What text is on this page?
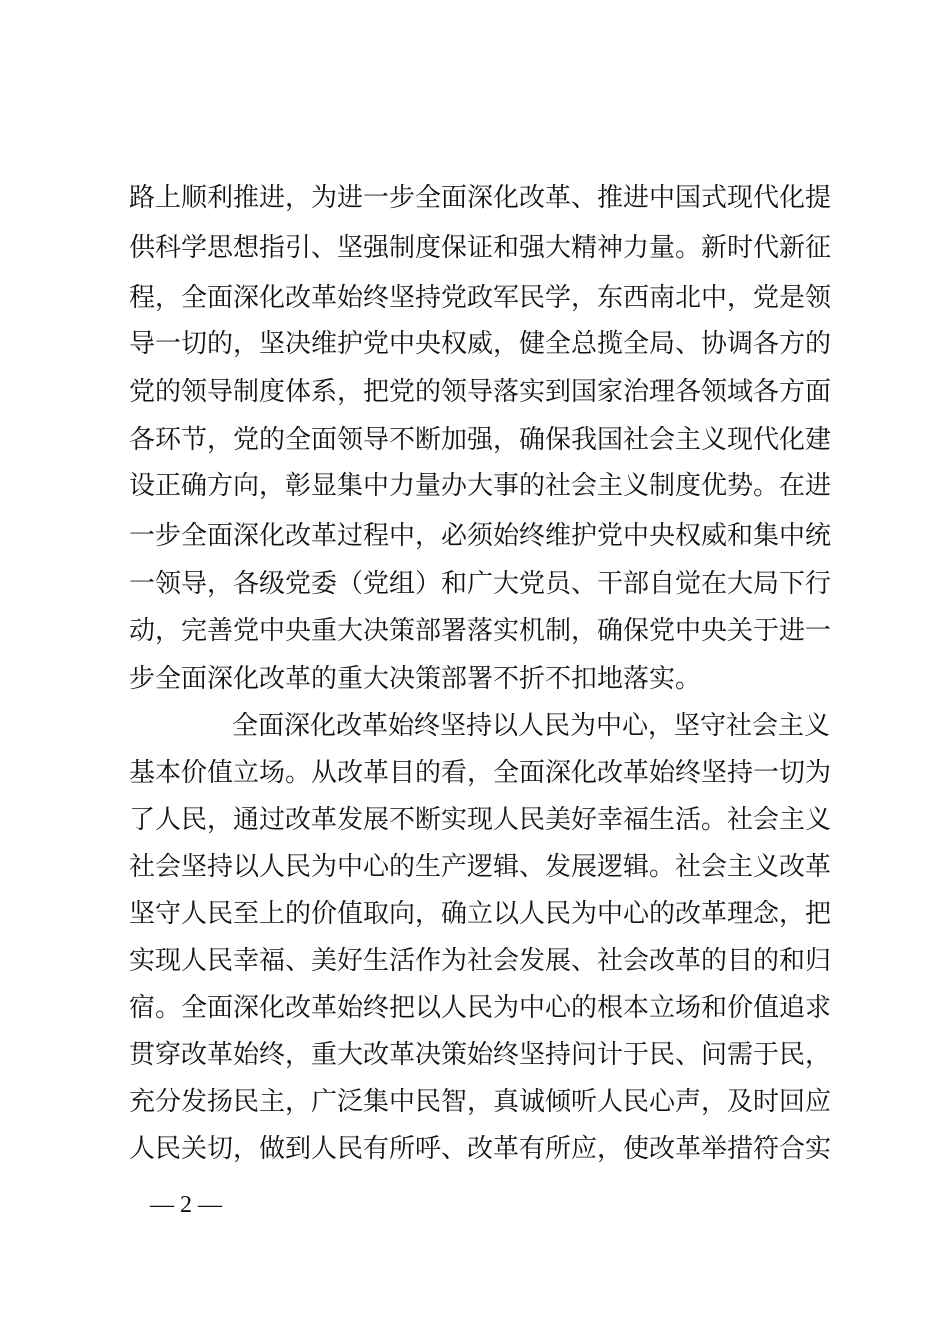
路上顺利推进，为进一步全面深化改革、推进中国式现代化提
供科学思想指引、坚强制度保证和强大精神力量。新时代新征
程，全面深化改革始终坚持党政军民学，东西南北中，党是领
导一切的，坚决维护党中央权威，健全总揽全局、协调各方的
党的领导制度体系，把党的领导落实到国家治理各领域各方面
各环节，党的全面领导不断加强，确保我国社会主义现代化建
设正确方向，彰显集中力量办大事的社会主义制度优势。在进
一步全面深化改革过程中，必须始终维护党中央权威和集中统
一领导，各级党委（党组）和广大党员、干部自觉在大局下行
动，完善党中央重大决策部署落实机制，确保党中央关于进一
步全面深化改革的重大决策部署不折不扣地落实。
全面深化改革始终坚持以人民为中心，坚守社会主义
基本价值立场。从改革目的看，全面深化改革始终坚持一切为
了人民，通过改革发展不断实现人民美好幸福生活。社会主义
社会坚持以人民为中心的生产逻辑、发展逻辑。社会主义改革
坚守人民至上的价值取向，确立以人民为中心的改革理念，把
实现人民幸福、美好生活作为社会发展、社会改革的目的和归
宿。全面深化改革始终把以人民为中心的根本立场和价值追求
贯穿改革始终，重大改革决策始终坚持问计于民、问需于民，
充分发扬民主，广泛集中民智，真诚倾听人民心声，及时回应
人民关切，做到人民有所呼、改革有所应，使改革举措符合实
— 2 —
